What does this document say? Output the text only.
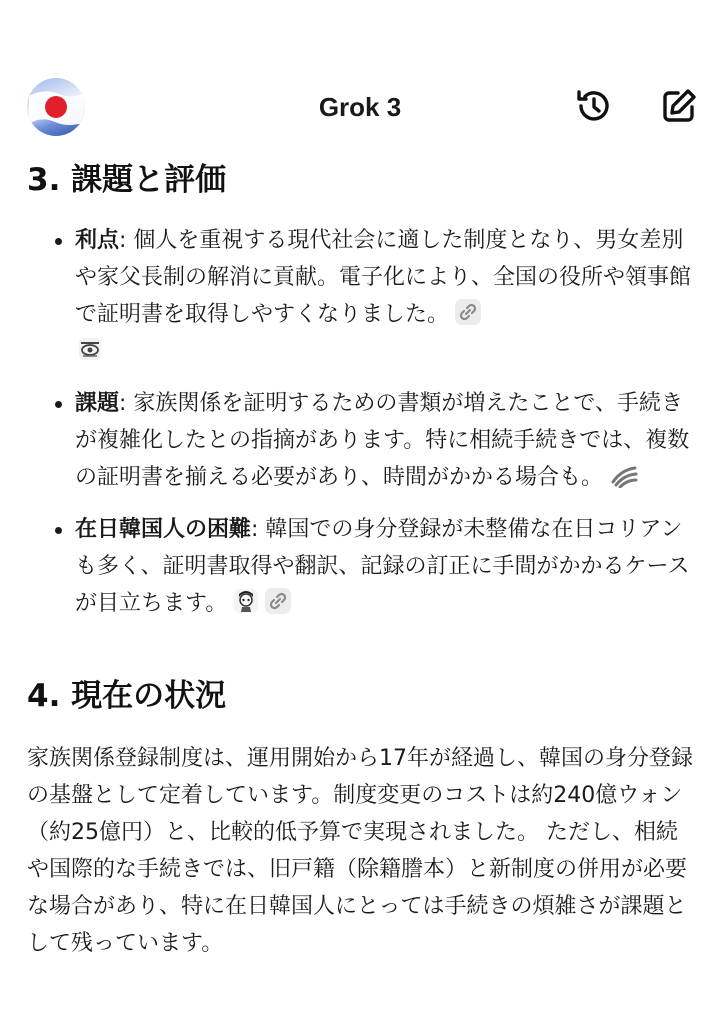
Grok 3
3. 課題と評価
利点: 個人を重視する現代社会に適した制度となり、男女差別や家父長制の解消に貢献。電子化により、全国の役所や領事館で証明書を取得しやすくなりました。

課題: 家族関係を証明するための書類が増えたことで、手続きが複雑化したとの指摘があります。特に相続手続きでは、複数の証明書を揃える必要があり、時間がかかる場合も。
在日韓国人の困難: 韓国での身分登録が未整備な在日コリアンも多く、証明書取得や翻訳、記録の訂正に手間がかかるケースが目立ちます。
4. 現在の状況

家族関係登録制度は、運用開始から17年が経過し、韓国の身分登録の基盤として定着しています。制度変更のコストは約240億ウォン（約25億円）と、比較的低予算で実現されました。 ただし、相続や国際的な手続きでは、旧戸籍（除籍謄本）と新制度の併用が必要な場合があり、特に在日韓国人にとっては手続きの煩雑さが課題として残っています。
